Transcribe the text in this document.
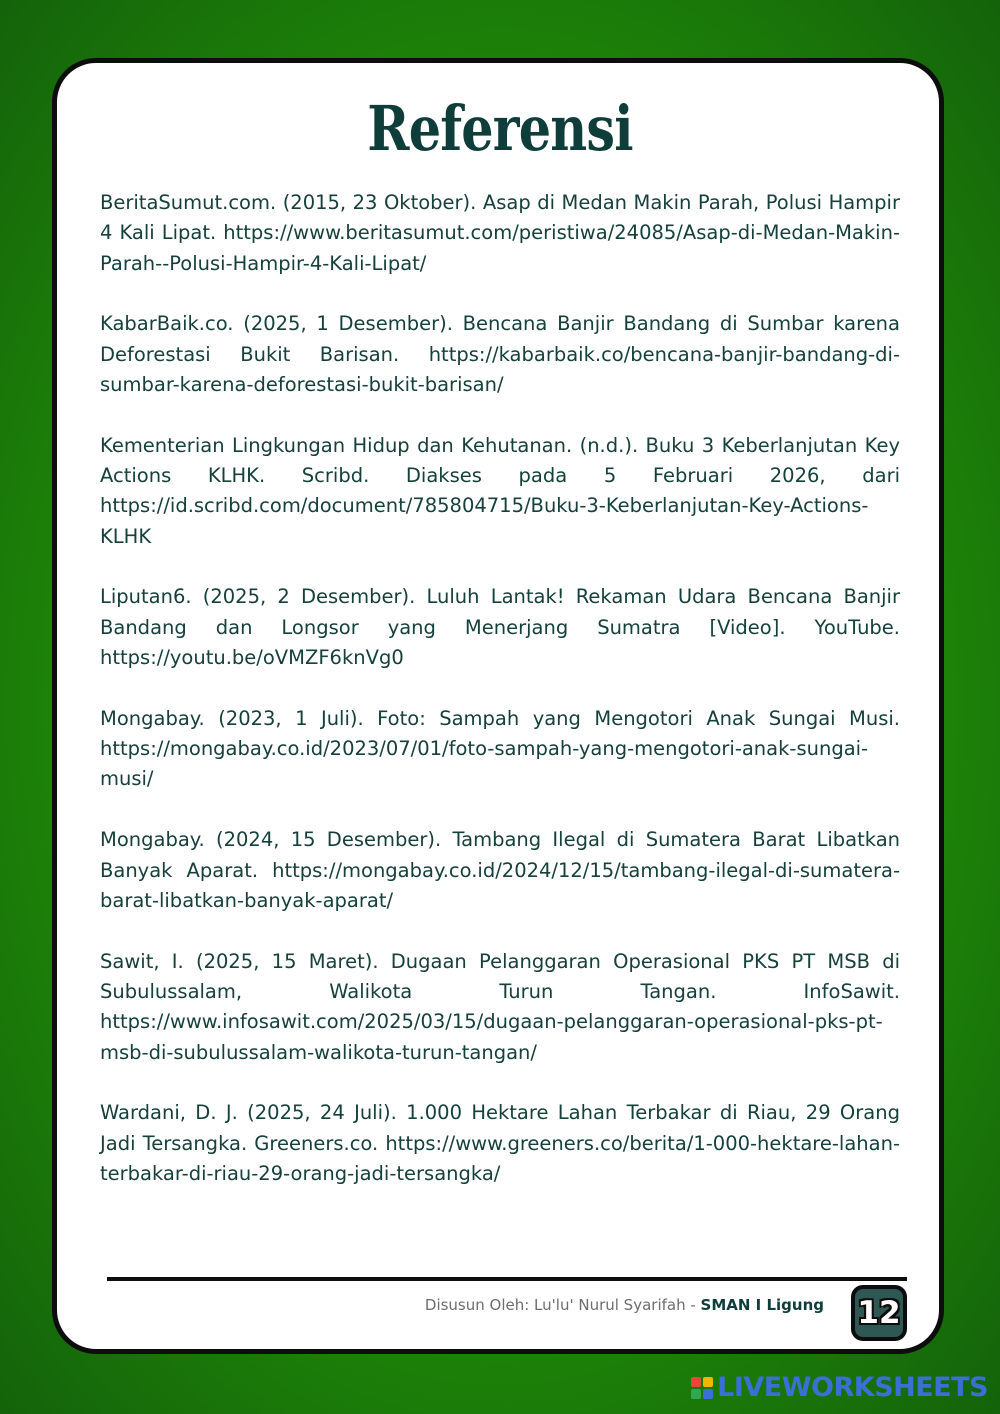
Referensi

BeritaSumut.com. (2015, 23 Oktober). Asap di Medan Makin Parah, Polusi Hampir 4 Kali Lipat. https://www.beritasumut.com/peristiwa/24085/Asap-di-Medan-Makin-Parah--Polusi-Hampir-4-Kali-Lipat/

KabarBaik.co. (2025, 1 Desember). Bencana Banjir Bandang di Sumbar karena Deforestasi Bukit Barisan. https://kabarbaik.co/bencana-banjir-bandang-di-sumbar-karena-deforestasi-bukit-barisan/

Kementerian Lingkungan Hidup dan Kehutanan. (n.d.). Buku 3 Keberlanjutan Key Actions KLHK. Scribd. Diakses pada 5 Februari 2026, dari https://id.scribd.com/document/785804715/Buku-3-Keberlanjutan-Key-Actions-KLHK

Liputan6. (2025, 2 Desember). Luluh Lantak! Rekaman Udara Bencana Banjir Bandang dan Longsor yang Menerjang Sumatra [Video]. YouTube. https://youtu.be/oVMZF6knVg0

Mongabay. (2023, 1 Juli). Foto: Sampah yang Mengotori Anak Sungai Musi. https://mongabay.co.id/2023/07/01/foto-sampah-yang-mengotori-anak-sungai-musi/

Mongabay. (2024, 15 Desember). Tambang Ilegal di Sumatera Barat Libatkan Banyak Aparat. https://mongabay.co.id/2024/12/15/tambang-ilegal-di-sumatera-barat-libatkan-banyak-aparat/

Sawit, I. (2025, 15 Maret). Dugaan Pelanggaran Operasional PKS PT MSB di Subulussalam, Walikota Turun Tangan. InfoSawit. https://www.infosawit.com/2025/03/15/dugaan-pelanggaran-operasional-pks-pt-msb-di-subulussalam-walikota-turun-tangan/

Wardani, D. J. (2025, 24 Juli). 1.000 Hektare Lahan Terbakar di Riau, 29 Orang Jadi Tersangka. Greeners.co. https://www.greeners.co/berita/1-000-hektare-lahan-terbakar-di-riau-29-orang-jadi-tersangka/

Disusun Oleh: Lu'lu' Nurul Syarifah - SMAN I Ligung 12
LIVEWORKSHEETS
